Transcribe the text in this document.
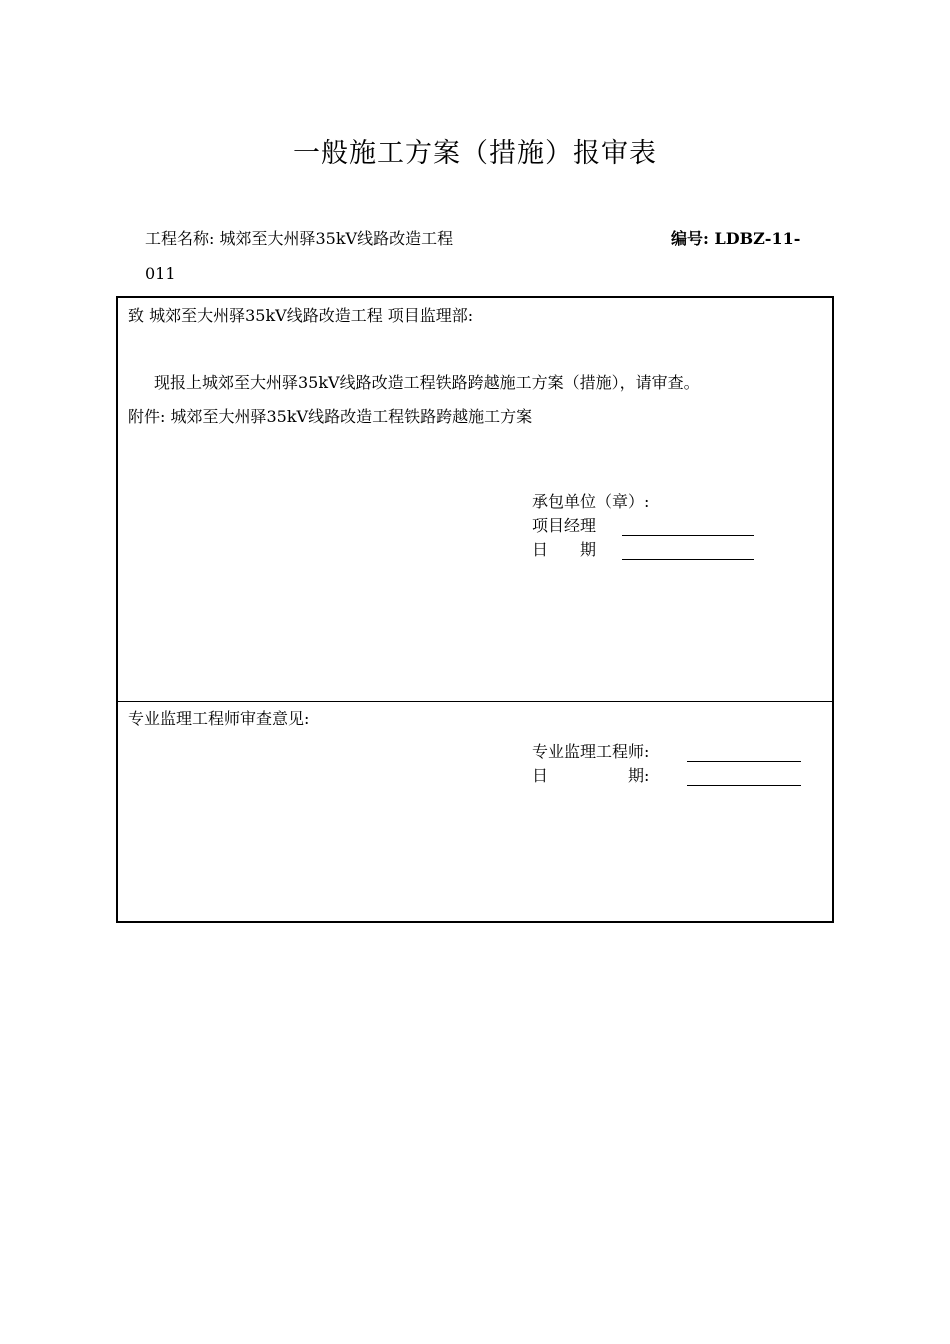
一般施工方案（措施）报审表
工程名称: 城郊至大州驿35kV线路改造工程	编号: LDBZ-11-
011
致 城郊至大州驿35kV线路改造工程 项目监理部:
现报上城郊至大州驿35kV线路改造工程铁路跨越施工方案（措施），请审查。
附件: 城郊至大州驿35kV线路改造工程铁路跨越施工方案
承包单位（章）:
项目经理
日　　期
专业监理工程师审查意见:
专业监理工程师:
日　　　　　期:
